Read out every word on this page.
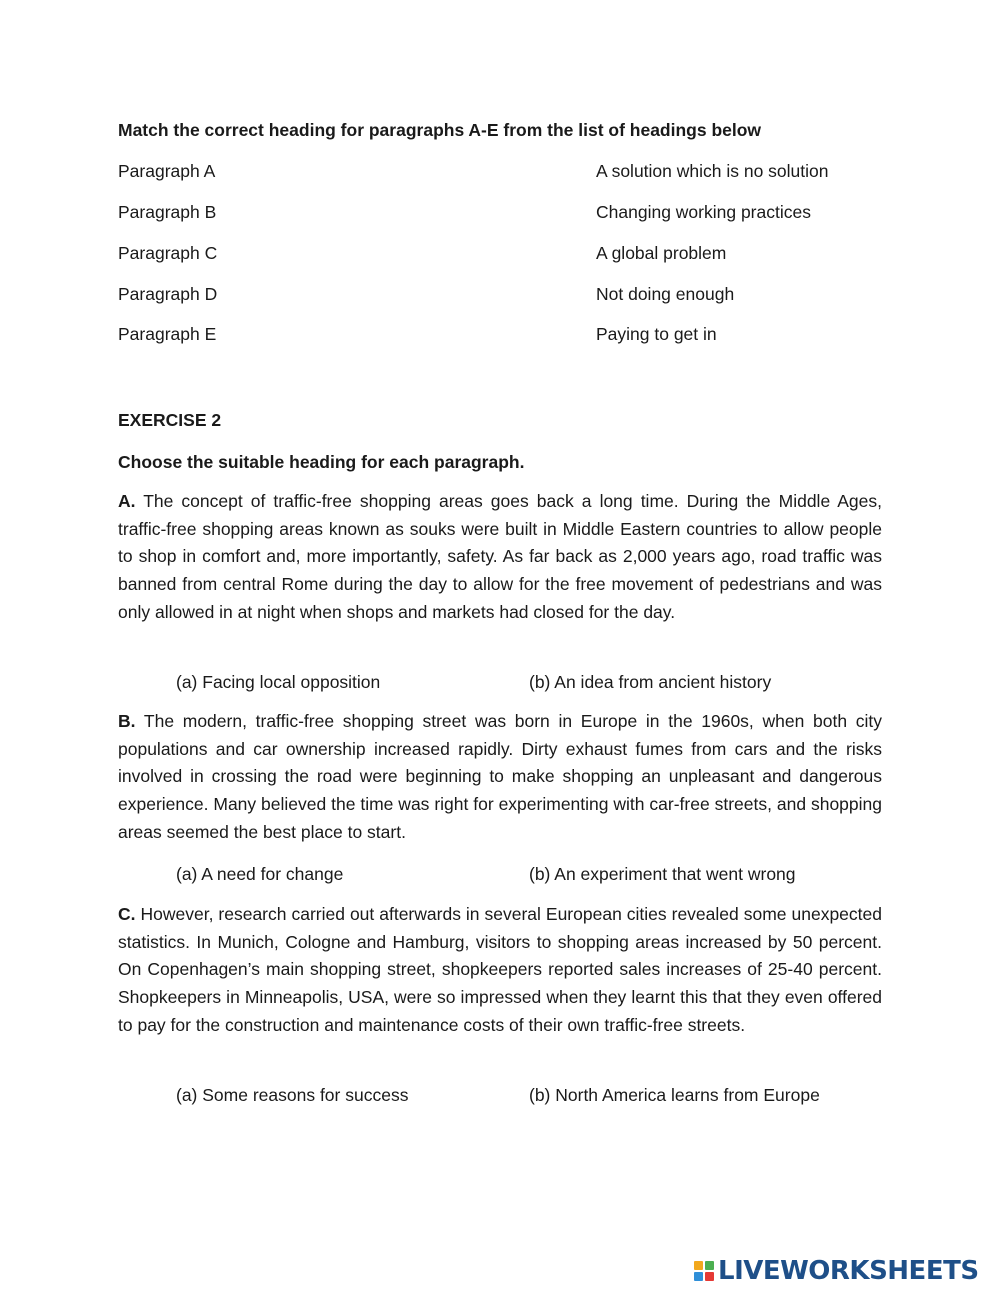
Match the correct heading for paragraphs A-E from the list of headings below
Paragraph A	A solution which is no solution
Paragraph B	Changing working practices
Paragraph C	A global problem
Paragraph D	Not doing enough
Paragraph E	Paying to get in
EXERCISE 2
Choose the suitable heading for each paragraph.
A. The concept of traffic-free shopping areas goes back a long time. During the Middle Ages, traffic-free shopping areas known as souks were built in Middle Eastern countries to allow people to shop in comfort and, more importantly, safety. As far back as 2,000 years ago, road traffic was banned from central Rome during the day to allow for the free movement of pedestrians and was only allowed in at night when shops and markets had closed for the day.
(a) Facing local opposition	(b) An idea from ancient history
B. The modern, traffic-free shopping street was born in Europe in the 1960s, when both city populations and car ownership increased rapidly. Dirty exhaust fumes from cars and the risks involved in crossing the road were beginning to make shopping an unpleasant and dangerous experience. Many believed the time was right for experimenting with car-free streets, and shopping areas seemed the best place to start.
(a) A need for change	(b) An experiment that went wrong
C. However, research carried out afterwards in several European cities revealed some unexpected statistics. In Munich, Cologne and Hamburg, visitors to shopping areas increased by 50 percent. On Copenhagen’s main shopping street, shopkeepers reported sales increases of 25-40 percent. Shopkeepers in Minneapolis, USA, were so impressed when they learnt this that they even offered to pay for the construction and maintenance costs of their own traffic-free streets.
(a) Some reasons for success	(b) North America learns from Europe
LIVEWORKSHEETS
